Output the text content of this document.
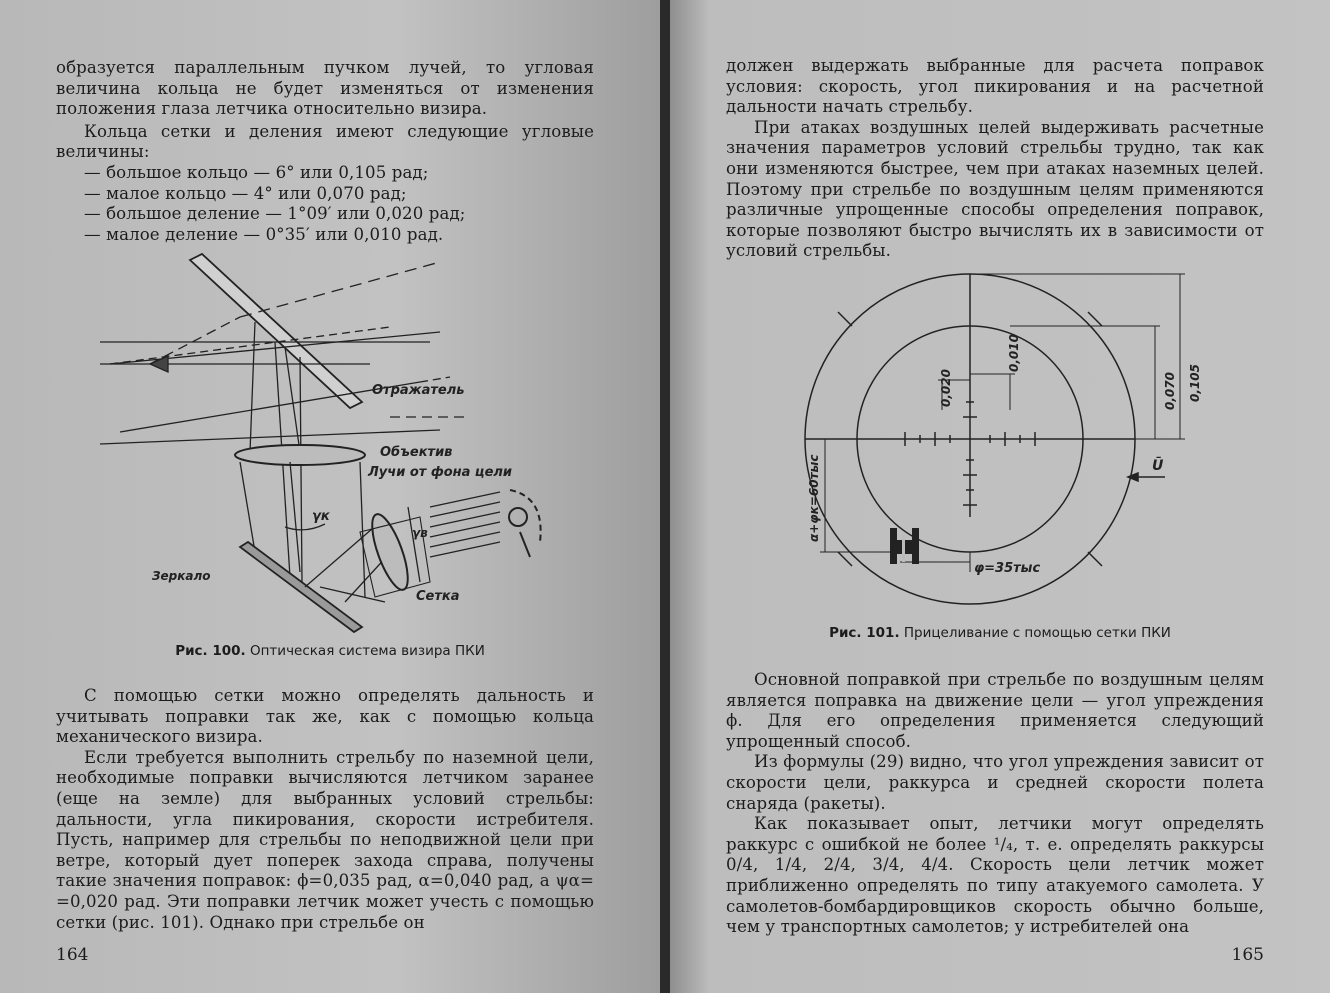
образуется параллельным пучком лучей, то угловая величина кольца не будет изменяться от изменения положения глаза летчика относительно визира.

Кольца сетки и деления имеют следующие угловые величины:

— большое кольцо — 6° или 0,105 рад;

— малое кольцо — 4° или 0,070 рад;

— большое деление — 1°09′ или 0,020 рад;

— малое деление — 0°35′ или 0,010 рад.

Отражатель
Объектив
Лучи от фона цели
γк
γв
Зеркало
Сетка
Рис. 100. Оптическая система визира ПКИ

С помощью сетки можно определять дальность и учитывать поправки так же, как с помощью кольца механического визира.

Если требуется выполнить стрельбу по наземной цели, необходимые поправки вычисляются летчиком заранее (еще на земле) для выбранных условий стрельбы: дальности, угла пикирования, скорости истребителя. Пусть, например для стрельбы по неподвижной цели при ветре, который дует поперек захода справа, получены такие значения поправок: ϕ=0,035 рад, α=0,040 рад, а ψα= =0,020 рад. Эти поправки летчик может учесть с помощью сетки (рис. 101). Однако при стрельбе он

164

должен выдержать выбранные для расчета поправок условия: скорость, угол пикирования и на расчетной дальности начать стрельбу.

При атаках воздушных целей выдерживать расчетные значения параметров условий стрельбы трудно, так как они изменяются быстрее, чем при атаках наземных целей. Поэтому при стрельбе по воздушным целям применяются различные упрощенные способы определения поправок, которые позволяют быстро вычислять их в зависимости от условий стрельбы.

0,010
0,020	0,070 0,105
α+φк=60тыс
φ=35тыс
Ū
Рис. 101. Прицеливание с помощью сетки ПКИ

Основной поправкой при стрельбе по воздушным целям является поправка на движение цели — угол упреждения ϕ. Для его определения применяется следующий упрощенный способ.

Из формулы (29) видно, что угол упреждения зависит от скорости цели, раккурса и средней скорости полета снаряда (ракеты).

Как показывает опыт, летчики могут определять раккурс с ошибкой не более ¹/₄, т. е. определять раккурсы 0/4, 1/4, 2/4, 3/4, 4/4. Скорость цели летчик может приближенно определять по типу атакуемого самолета. У самолетов-бомбардировщиков скорость обычно больше, чем у транспортных самолетов; у истребителей она

165
